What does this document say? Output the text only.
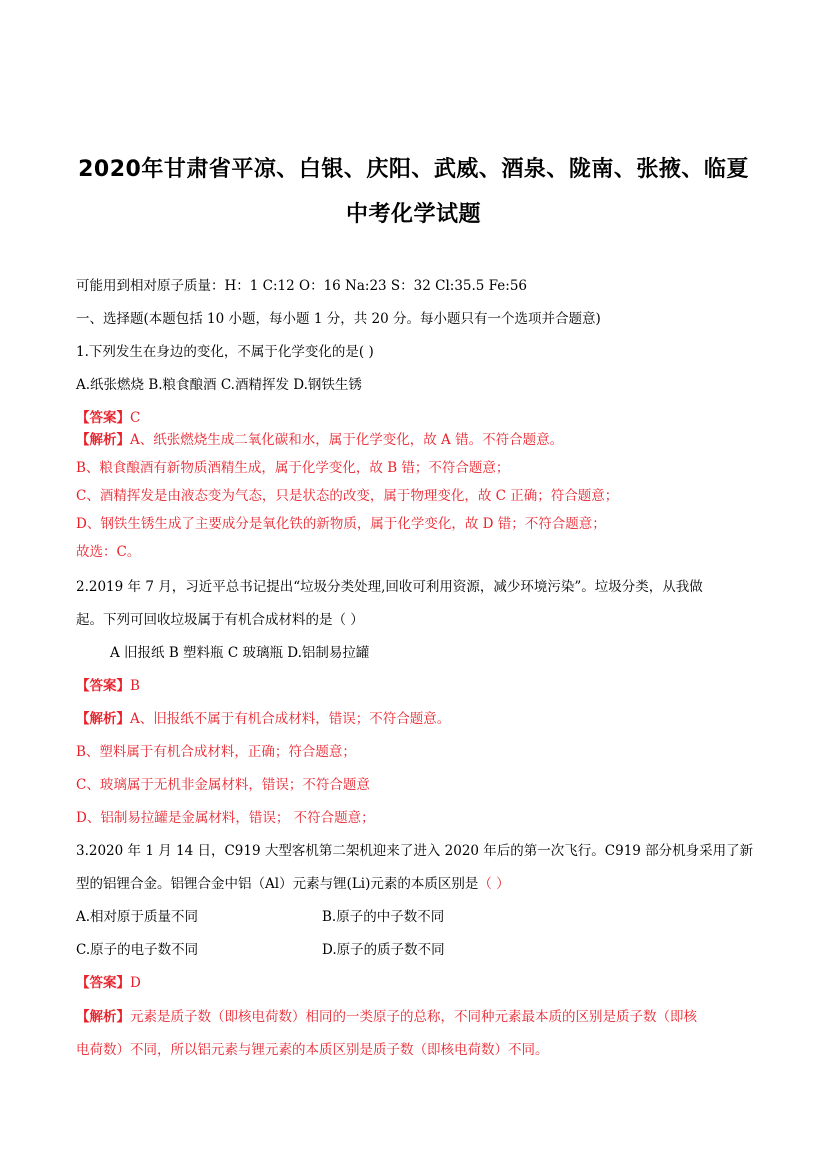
2020年甘肃省平凉、白银、庆阳、武威、酒泉、陇南、张掖、临夏
中考化学试题
可能用到相对原子质量：H：1 C:12 O：16 Na:23 S：32 Cl:35.5 Fe:56
一、选择题(本题包括 10 小题，每小题 1 分，共 20 分。每小题只有一个选项并合题意)
1.下列发生在身边的变化，不属于化学变化的是( )
A.纸张燃烧 B.粮食酿酒 C.酒精挥发 D.钢铁生锈
【答案】C
【解析】A、纸张燃烧生成二氧化碳和水，属于化学变化，故 A 错。不符合题意。
B、粮食酿酒有新物质酒精生成，属于化学变化，故 B 错；不符合题意；
C、酒精挥发是由液态变为气态，只是状态的改变，属于物理变化，故 C 正确；符合题意；
D、钢铁生锈生成了主要成分是氧化铁的新物质，属于化学变化，故 D 错；不符合题意；
故选：C。
2.2019 年 7 月，习近平总书记提出“垃圾分类处理,回收可利用资源，减少环境污染”。垃圾分类，从我做
起。下列可回收垃圾属于有机合成材料的是（ ）
A 旧报纸 B 塑料瓶 C 玻璃瓶 D.铝制易拉罐
【答案】B
【解析】A、旧报纸不属于有机合成材料，错误；不符合题意。
B、塑料属于有机合成材料，正确；符合题意；
C、玻璃属于无机非金属材料，错误；不符合题意
D、铝制易拉罐是金属材料，错误； 不符合题意；
3.2020 年 1 月 14 日，C919 大型客机第二架机迎来了进入 2020 年后的第一次飞行。C919 部分机身采用了新
型的铝锂合金。铝锂合金中铝（Al）元素与锂(Li)元素的本质区别是（ ）
A.相对原于质量不同	B.原子的中子数不同
C.原子的电子数不同	D.原子的质子数不同
【答案】D
【解析】元素是质子数（即核电荷数）相同的一类原子的总称，不同种元素最本质的区别是质子数（即核
电荷数）不同，所以铝元素与锂元素的本质区别是质子数（即核电荷数）不同。
